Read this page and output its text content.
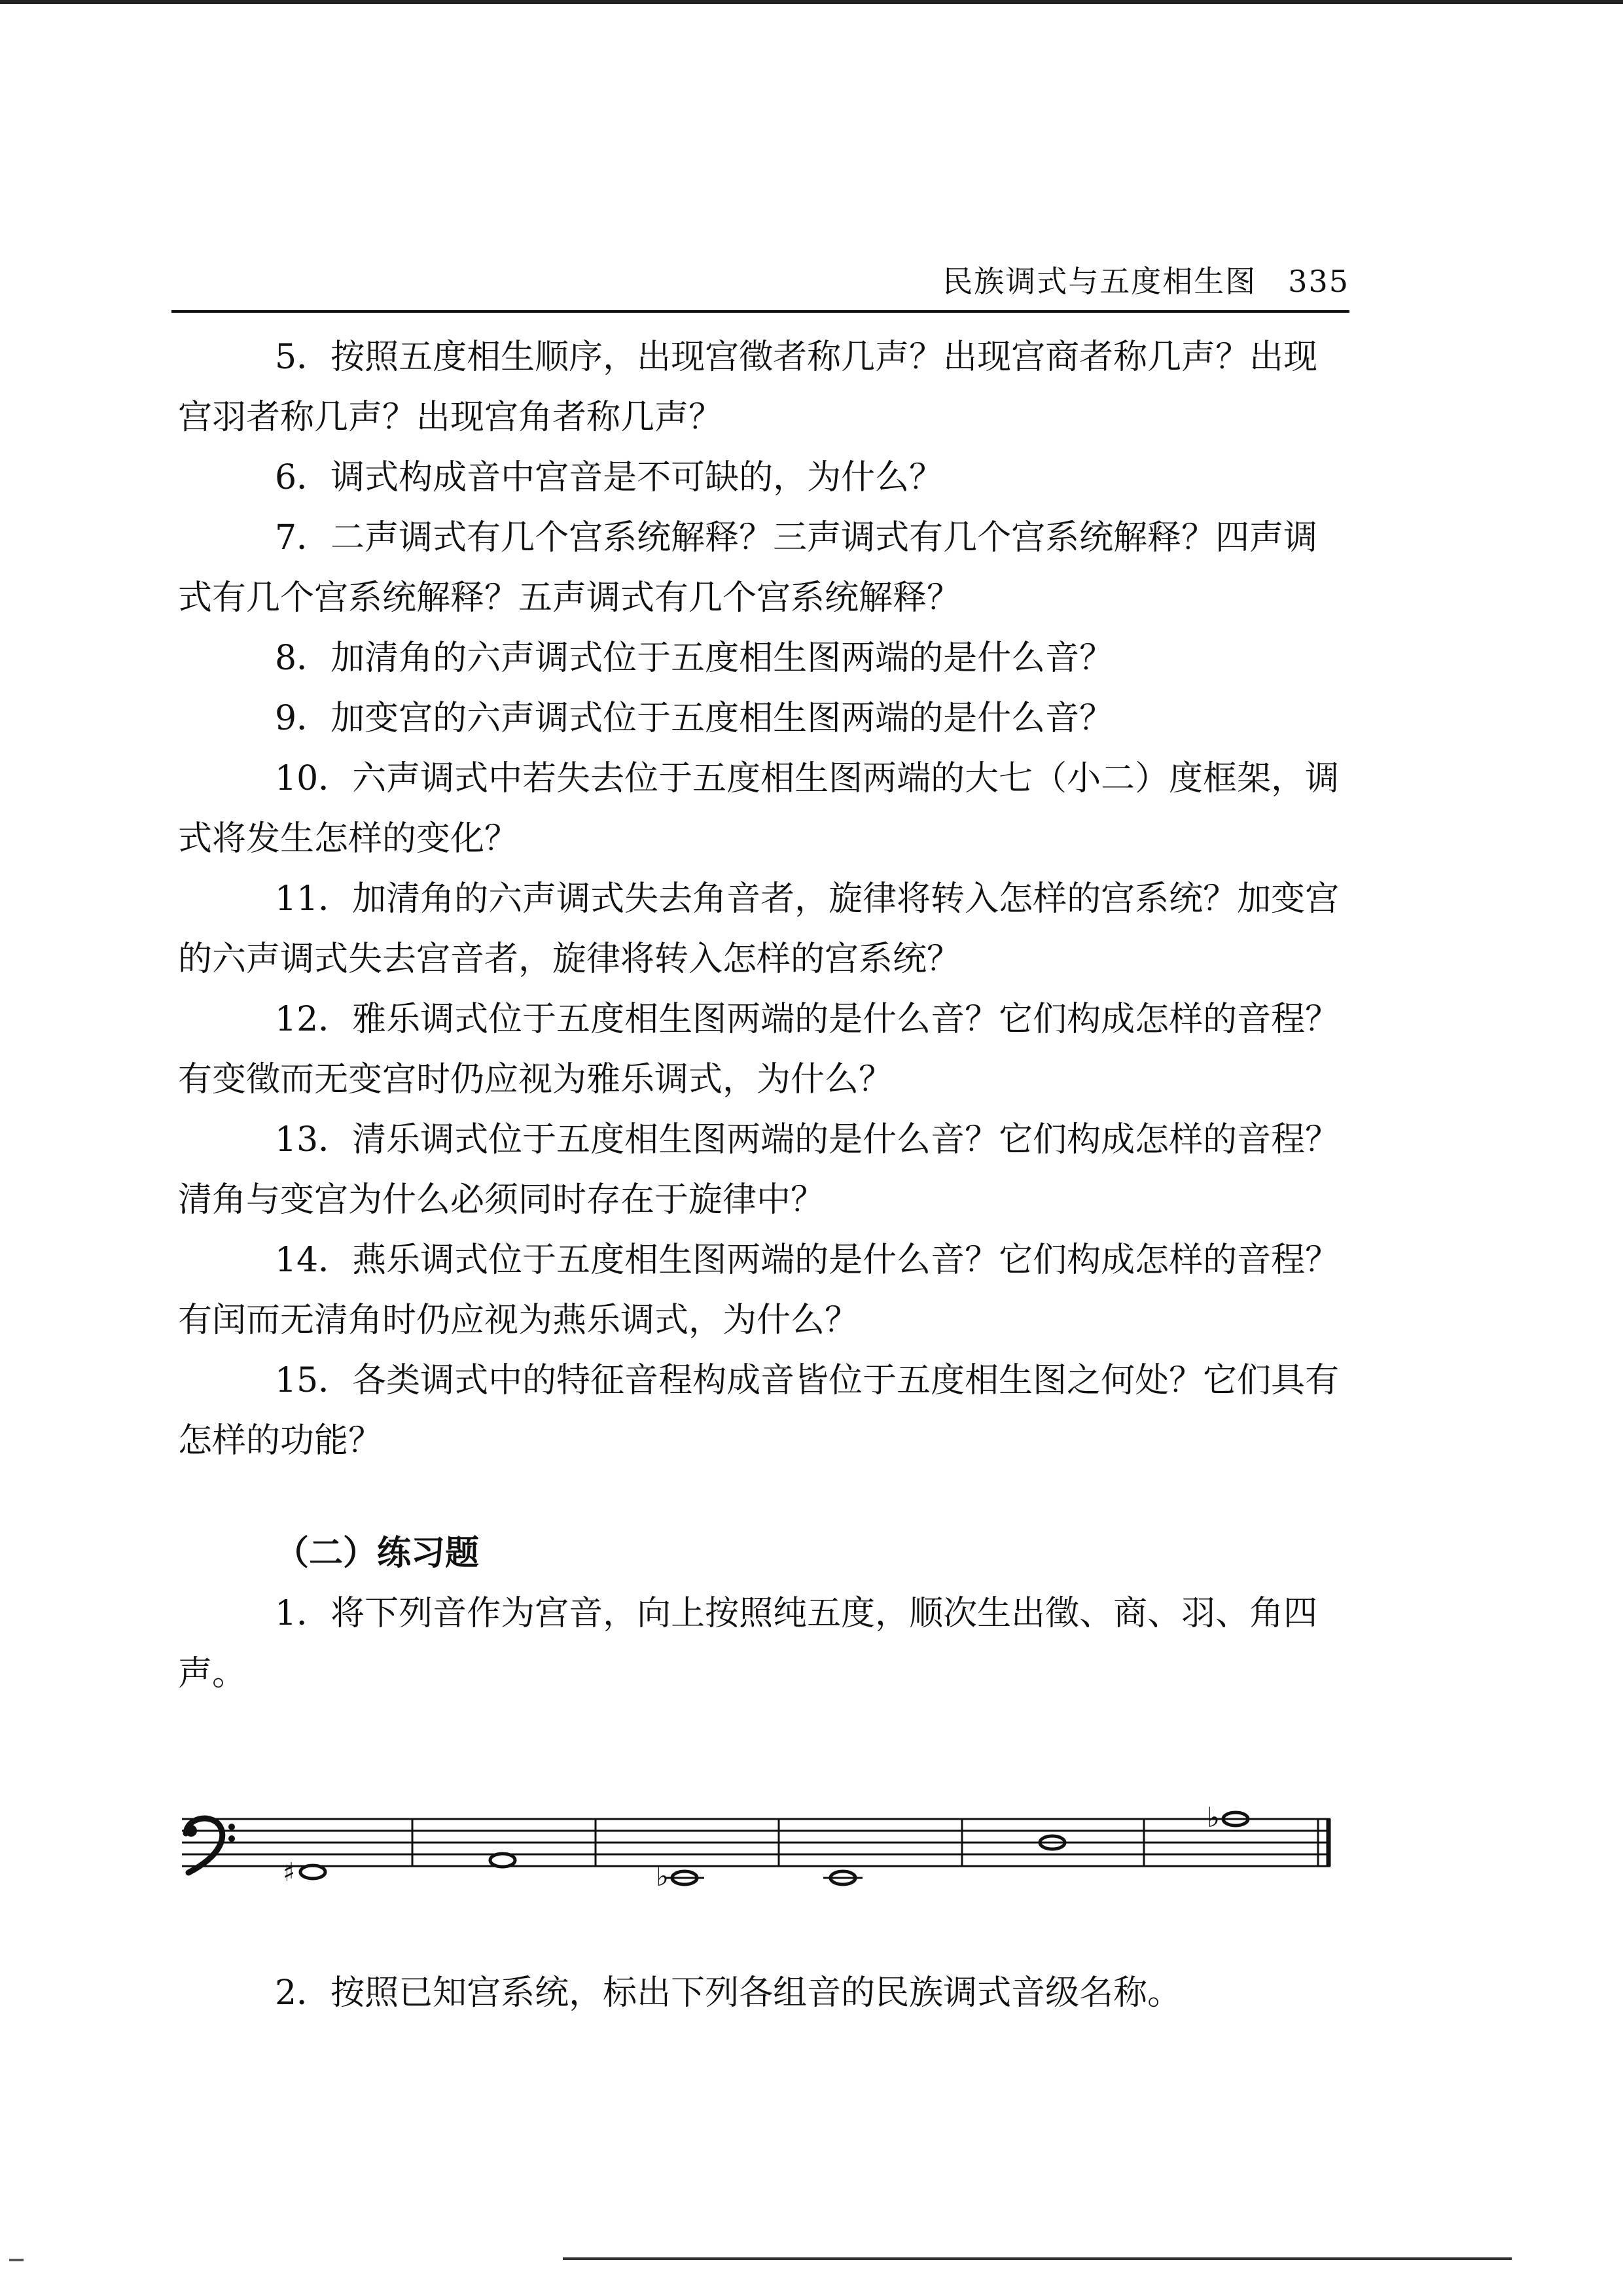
民族调式与五度相生图  335

5．按照五度相生顺序，出现宫徵者称几声？出现宫商者称几声？出现宫羽者称几声？出现宫角者称几声？

6．调式构成音中宫音是不可缺的，为什么？

7．二声调式有几个宫系统解释？三声调式有几个宫系统解释？四声调式有几个宫系统解释？五声调式有几个宫系统解释？

8．加清角的六声调式位于五度相生图两端的是什么音？

9．加变宫的六声调式位于五度相生图两端的是什么音？

10．六声调式中若失去位于五度相生图两端的大七（小二）度框架，调式将发生怎样的变化？

11．加清角的六声调式失去角音者，旋律将转入怎样的宫系统？加变宫的六声调式失去宫音者，旋律将转入怎样的宫系统？

12．雅乐调式位于五度相生图两端的是什么音？它们构成怎样的音程？有变徵而无变宫时仍应视为雅乐调式，为什么？

13．清乐调式位于五度相生图两端的是什么音？它们构成怎样的音程？清角与变宫为什么必须同时存在于旋律中？

14．燕乐调式位于五度相生图两端的是什么音？它们构成怎样的音程？有闰而无清角时仍应视为燕乐调式，为什么？

15．各类调式中的特征音程构成音皆位于五度相生图之何处？它们具有怎样的功能？

（二）练习题

1．将下列音作为宫音，向上按照纯五度，顺次生出徵、商、羽、角四声。

♯	♭
♭

2．按照已知宫系统，标出下列各组音的民族调式音级名称。
